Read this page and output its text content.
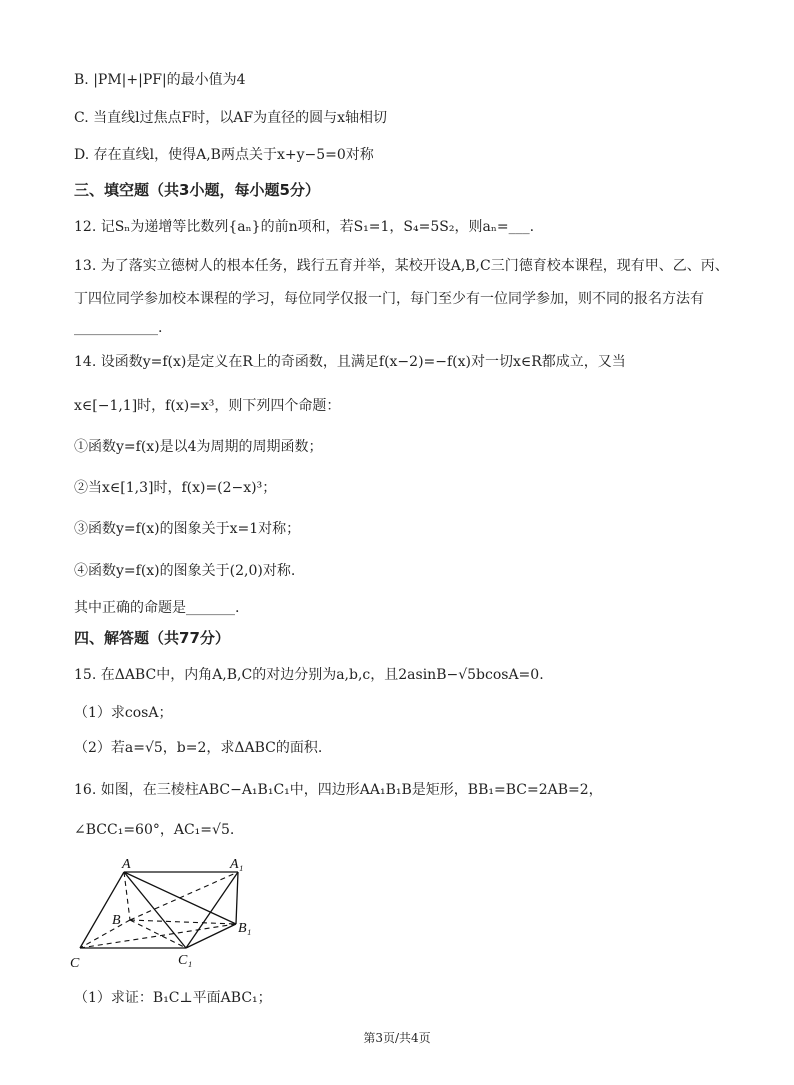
B. |PM|+|PF|的最小值为4
C. 当直线l过焦点F时，以AF为直径的圆与x轴相切
D. 存在直线l，使得A,B两点关于x+y−5=0对称
三、填空题（共3小题，每小题5分）
12. 记Sₙ为递增等比数列{aₙ}的前n项和，若S₁=1，S₄=5S₂，则aₙ=___.
13. 为了落实立德树人的根本任务，践行五育并举，某校开设A,B,C三门德育校本课程，现有甲、乙、丙、
丁四位同学参加校本课程的学习，每位同学仅报一门，每门至少有一位同学参加，则不同的报名方法有
____________.
14. 设函数y=f(x)是定义在R上的奇函数，且满足f(x−2)=−f(x)对一切x∈R都成立，又当
x∈[−1,1]时，f(x)=x³，则下列四个命题：
①函数y=f(x)是以4为周期的周期函数；
②当x∈[1,3]时，f(x)=(2−x)³；
③函数y=f(x)的图象关于x=1对称；
④函数y=f(x)的图象关于(2,0)对称.
其中正确的命题是_______.
四、解答题（共77分）
15. 在ΔABC中，内角A,B,C的对边分别为a,b,c，且2asinB−√5bcosA=0.
（1）求cosA；
（2）若a=√5，b=2，求ΔABC的面积.
16. 如图，在三棱柱ABC−A₁B₁C₁中，四边形AA₁B₁B是矩形，BB₁=BC=2AB=2，
∠BCC₁=60°，AC₁=√5.
A	A₁
B
B₁
C	C₁
（1）求证：B₁C⊥平面ABC₁；
第3页/共4页
